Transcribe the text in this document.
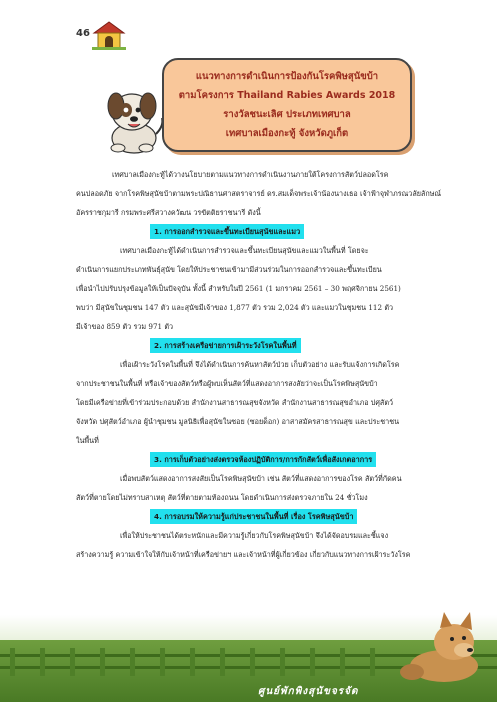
46
แนวทางการดำเนินการป้องกันโรคพิษสุนัขบ้า
ตามโครงการ Thailand Rabies Awards 2018
รางวัลชนะเลิศ ประเภทเทศบาล
เทศบาลเมืองกะทู้ จังหวัดภูเก็ต

เทศบาลเมืองกะทู้ได้วางนโยบายตามแนวทางการดำเนินงานภายใต้โครงการสัตว์ปลอดโรค

คนปลอดภัย จากโรคพิษสุนัขบ้าตามพระปณิธานศาสตราจารย์ ดร.สมเด็จพระเจ้าน้องนางเธอ เจ้าฟ้าจุฬาภรณวลัยลักษณ์

อัครราชกุมารี กรมพระศรีสวางควัฒน วรขัตติยราชนารี ดังนี้

1. การออกสำรวจและขึ้นทะเบียนสุนัขและแมว

เทศบาลเมืองกะทู้ได้ดำเนินการสำรวจและขึ้นทะเบียนสุนัขและแมวในพื้นที่ โดยจะ

ดำเนินการแยกประเภทพันธุ์สุนัข โดยให้ประชาชนเข้ามามีส่วนร่วมในการออกสำรวจและขึ้นทะเบียน

เพื่อนำไปปรับปรุงข้อมูลให้เป็นปัจจุบัน ทั้งนี้ สำหรับในปี 2561 (1 มกราคม 2561 – 30 พฤศจิกายน 2561)

พบว่า มีสุนัขในชุมชน 147 ตัว และสุนัขมีเจ้าของ 1,877 ตัว รวม 2,024 ตัว และแมวในชุมชน 112 ตัว

มีเจ้าของ 859 ตัว รวม 971 ตัว

2. การสร้างเครือข่ายการเฝ้าระวังโรคในพื้นที่

เพื่อเฝ้าระวังโรคในพื้นที่ จึงได้ดำเนินการค้นหาสัตว์ป่วย เก็บตัวอย่าง และรับแจ้งการเกิดโรค

จากประชาชนในพื้นที่ หรือเจ้าของสัตว์หรือผู้พบเห็นสัตว์ที่แสดงอาการสงสัยว่าจะเป็นโรคพิษสุนัขบ้า

โดยมีเครือข่ายที่เข้าร่วมประกอบด้วย สำนักงานสาธารณสุขจังหวัด สำนักงานสาธารณสุขอำเภอ ปศุสัตว์

จังหวัด ปศุสัตว์อำเภอ ผู้นำชุมชน มูลนิธิเพื่อสุนัขในซอย (ซอยด็อก) อาสาสมัครสาธารณสุข และประชาชน

ในพื้นที่

3. การเก็บตัวอย่างส่งตรวจห้องปฏิบัติการ/การกักสัตว์เพื่อสังเกตอาการ

เมื่อพบสัตว์แสดงอาการสงสัยเป็นโรคพิษสุนัขบ้า เช่น สัตว์ที่แสดงอาการของโรค สัตว์ที่กัดคน

สัตว์ที่ตายโดยไม่ทราบสาเหตุ สัตว์ที่ตายตามท้องถนน โดยดำเนินการส่งตรวจภายใน 24 ชั่วโมง

4. การอบรมให้ความรู้แก่ประชาชนในพื้นที่ เรื่อง โรคพิษสุนัขบ้า

เพื่อให้ประชาชนได้ตระหนักและมีความรู้เกี่ยวกับโรคพิษสุนัขบ้า จึงได้จัดอบรมและชี้แจง

สร้างความรู้ ความเข้าใจให้กับเจ้าหน้าที่เครือข่ายฯ และเจ้าหน้าที่ผู้เกี่ยวข้อง เกี่ยวกับแนวทางการเฝ้าระวังโรค

ศูนย์พักพิงสุนัขจรจัด
